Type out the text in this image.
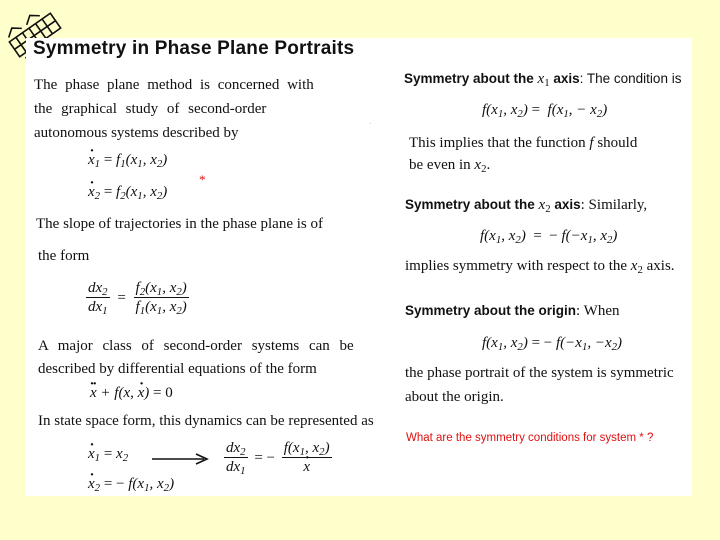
Symmetry in Phase Plane Portraits
The phase plane method is concerned with
the graphical study of second-order
autonomous systems described by
· $x_1 = f_1(x_1$, $x_2$)
· $x_2 = f_2(x_1$, $x_2$)
*
The slope of trajectories in the phase plane is of
the form
$\frac{dx_2}{dx_1} = \frac{f_2(x_1, x_2)}{f_1(x_1, x_2)}$
A major class of second-order systems can be
described by differential equations of the form
·· x + f(x, · x) = 0
In state space form, this dynamics can be represented as
· $x_1 = x_2$
· $x_2$ = − $f(x_1$, $x_2$)
$\frac{dx_2}{dx_1}$ = − $f(x_1$, $x_2$)
· x
.
Symmetry about the $x_1$ axis: The condition is
$f(x_1$, $x_2) = f(x_1$, − $x_2$)
This implies that the function f should
be even in $x_2$.
Symmetry about the $x_2$ axis: Similarly,
$f(x_1$, $x_2$)  =  − $f(-x_1$, $x_2$)
implies symmetry with respect to the $x_2$ axis.
Symmetry about the origin: When
$f(x_1$, $x_2$) = − $f(-x_1$, $-x_2$)
the phase portrait of the system is symmetric
about the origin.
What are the symmetry conditions for system * ?
